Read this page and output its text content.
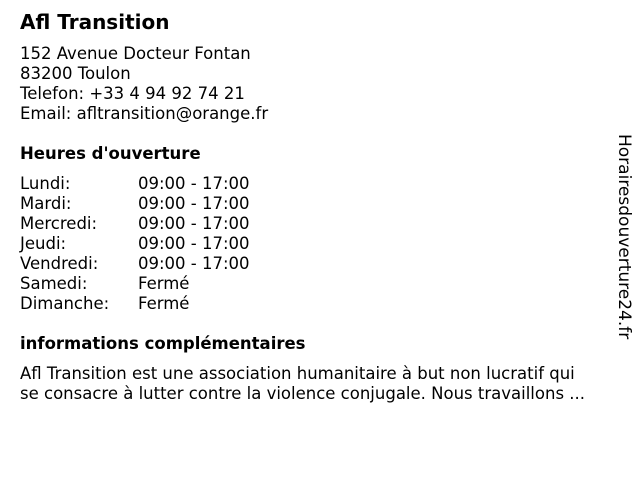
Afl Transition
152 Avenue Docteur Fontan
83200 Toulon
Telefon: +33 4 94 92 74 21
Email: afltransition@orange.fr
Heures d'ouverture
Lundi:	09:00 - 17:00
Mardi:	09:00 - 17:00
Mercredi: 09:00 - 17:00
Jeudi:	09:00 - 17:00
Vendredi: 09:00 - 17:00
Samedi:	Fermé
Dimanche: Fermé
informations complémentaires
Afl Transition est une association humanitaire à but non lucratif qui
se consacre à lutter contre la violence conjugale. Nous travaillons ...
Horairesdouverture24.fr
